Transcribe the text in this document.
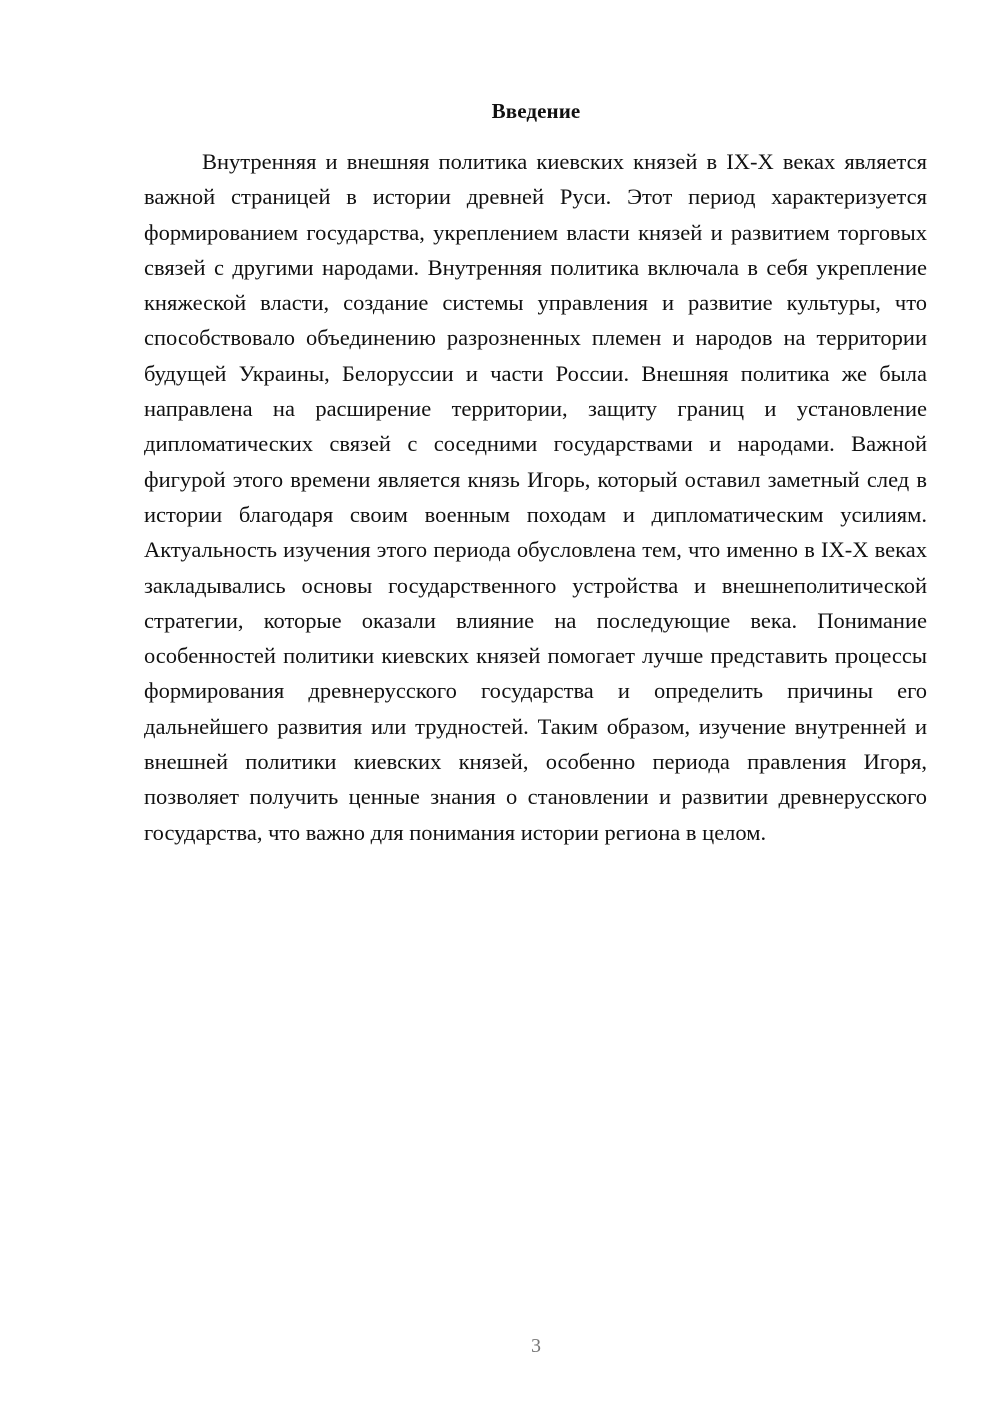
Введение

Внутренняя и внешняя политика киевских князей в IX-X веках является важной страницей в истории древней Руси. Этот период характеризуется формированием государства, укреплением власти князей и развитием торговых связей с другими народами. Внутренняя политика включала в себя укрепление княжеской власти, создание системы управления и развитие культуры, что способствовало объединению разрозненных племен и народов на территории будущей Украины, Белоруссии и части России. Внешняя политика же была направлена на расширение территории, защиту границ и установление дипломатических связей с соседними государствами и народами. Важной фигурой этого времени является князь Игорь, который оставил заметный след в истории благодаря своим военным походам и дипломатическим усилиям. Актуальность изучения этого периода обусловлена тем, что именно в IX-X веках закладывались основы государственного устройства и внешнеполитической стратегии, которые оказали влияние на последующие века. Понимание особенностей политики киевских князей помогает лучше представить процессы формирования древнерусского государства и определить причины его дальнейшего развития или трудностей. Таким образом, изучение внутренней и внешней политики киевских князей, особенно периода правления Игоря, позволяет получить ценные знания о становлении и развитии древнерусского государства, что важно для понимания истории региона в целом.

3
